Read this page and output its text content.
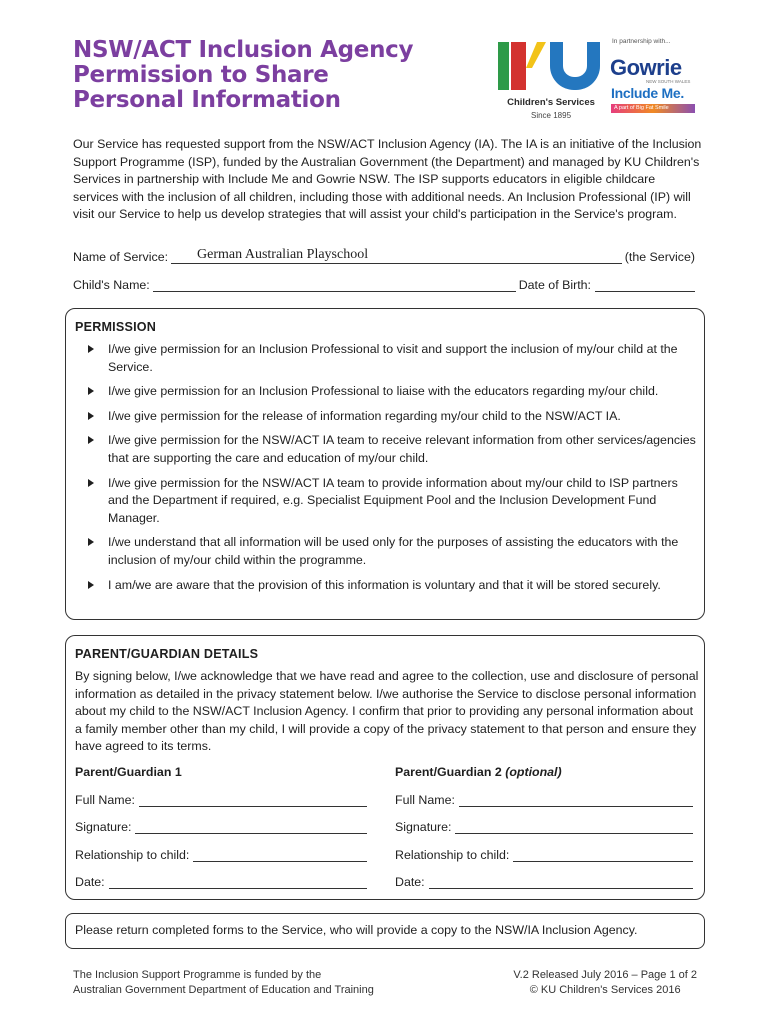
NSW/ACT Inclusion Agency
Permission to Share
Personal Information	Children's Services
Since 1895
In partnership with...
Gowrie
NEW SOUTH WALES
Include Me.
A part of Big Fat Smile

Our Service has requested support from the NSW/ACT Inclusion Agency (IA). The IA is an initiative of the Inclusion Support Programme (ISP), funded by the Australian Government (the Department) and managed by KU Children's Services in partnership with Include Me and Gowrie NSW. The ISP supports educators in eligible childcare services with the inclusion of all children, including those with additional needs. An Inclusion Professional (IP) will visit our Service to help us develop strategies that will assist your child's participation in the Service's program.

Name of Service: German Australian Playschool	(the Service)
Child's Name:	Date of Birth:
PERMISSION
I/we give permission for an Inclusion Professional to visit and support the inclusion of my/our child at the Service.
I/we give permission for an Inclusion Professional to liaise with the educators regarding my/our child.
I/we give permission for the release of information regarding my/our child to the NSW/ACT IA.
I/we give permission for the NSW/ACT IA team to receive relevant information from other services/agencies that are supporting the care and education of my/our child.
I/we give permission for the NSW/ACT IA team to provide information about my/our child to ISP partners and the Department if required, e.g. Specialist Equipment Pool and the Inclusion Development Fund Manager.
I/we understand that all information will be used only for the purposes of assisting the educators with the inclusion of my/our child within the programme.
I am/we are aware that the provision of this information is voluntary and that it will be stored securely.
PARENT/GUARDIAN DETAILS

By signing below, I/we acknowledge that we have read and agree to the collection, use and disclosure of personal information as detailed in the privacy statement below. I/we authorise the Service to disclose personal information about my child to the NSW/ACT Inclusion Agency. I confirm that prior to providing any personal information about a family member other than my child, I will provide a copy of the privacy statement to that person and ensure they have agreed to its terms.

Parent/Guardian 1
Full Name:
Signature:
Relationship to child:
Date:
Parent/Guardian 2 (optional)
Full Name:
Signature:
Relationship to child:
Date:
Please return completed forms to the Service, who will provide a copy to the NSW/IA Inclusion Agency.
The Inclusion Support Programme is funded by the
Australian Government Department of Education and Training
V.2 Released July 2016 – Page 1 of 2
© KU Children's Services 2016
